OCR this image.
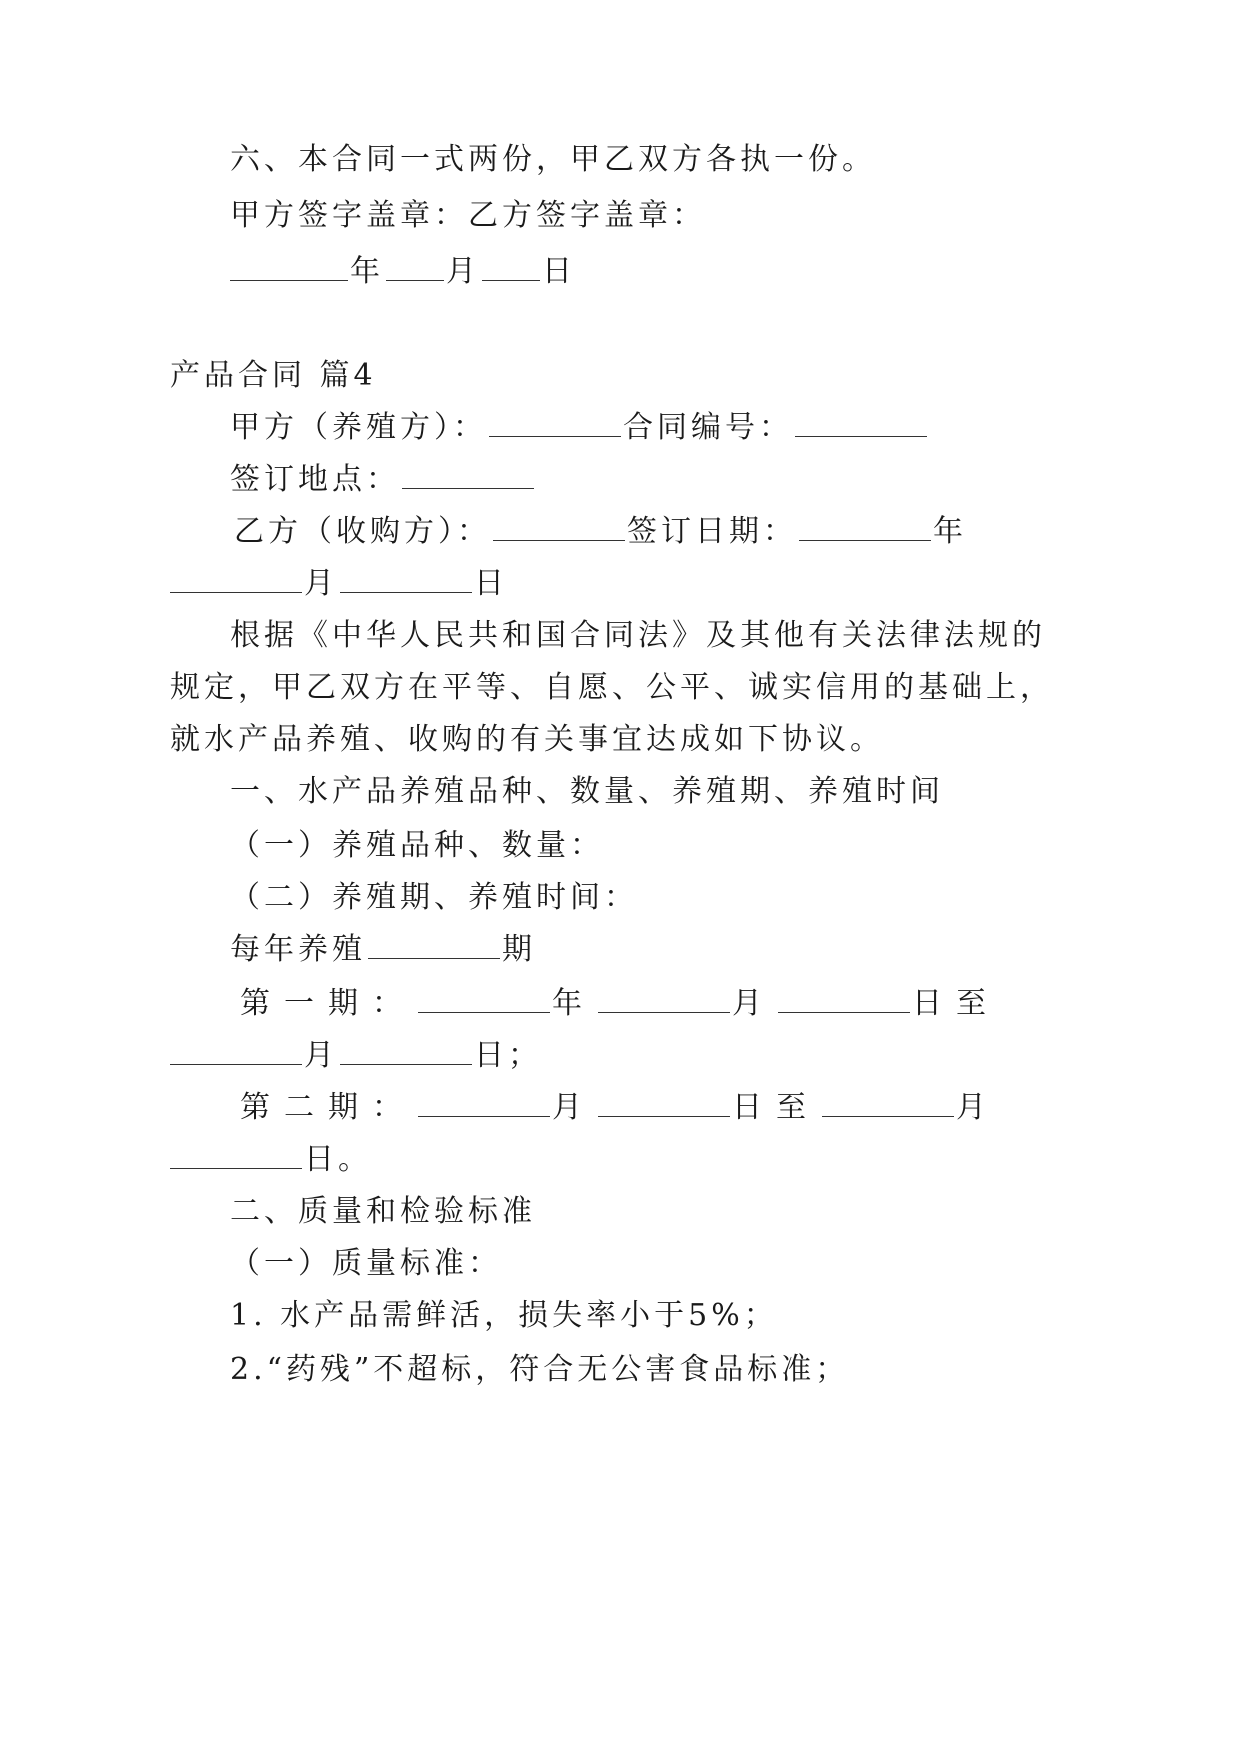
六、本合同一式两份，甲乙双方各执一份。
甲方签字盖章：乙方签字盖章：
年 月 日
产品合同 篇4
甲方（养殖方）：	合同编号：
签订地点：
乙方（收购方）：	签订日期：	年
月	日
根据《中华人民共和国合同法》及其他有关法律法规的
规定，甲乙双方在平等、自愿、公平、诚实信用的基础上，
就水产品养殖、收购的有关事宜达成如下协议。
一、水产品养殖品种、数量、养殖期、养殖时间
（一）养殖品种、数量：
（二）养殖期、养殖时间：
每年养殖	期
第一期：	年	月	日至
月	日；
第二期：	月	日至	月
日。
二、质量和检验标准
（一）质量标准：
1. 水产品需鲜活，损失率小于5%；
2.“药残”不超标，符合无公害食品标准；
